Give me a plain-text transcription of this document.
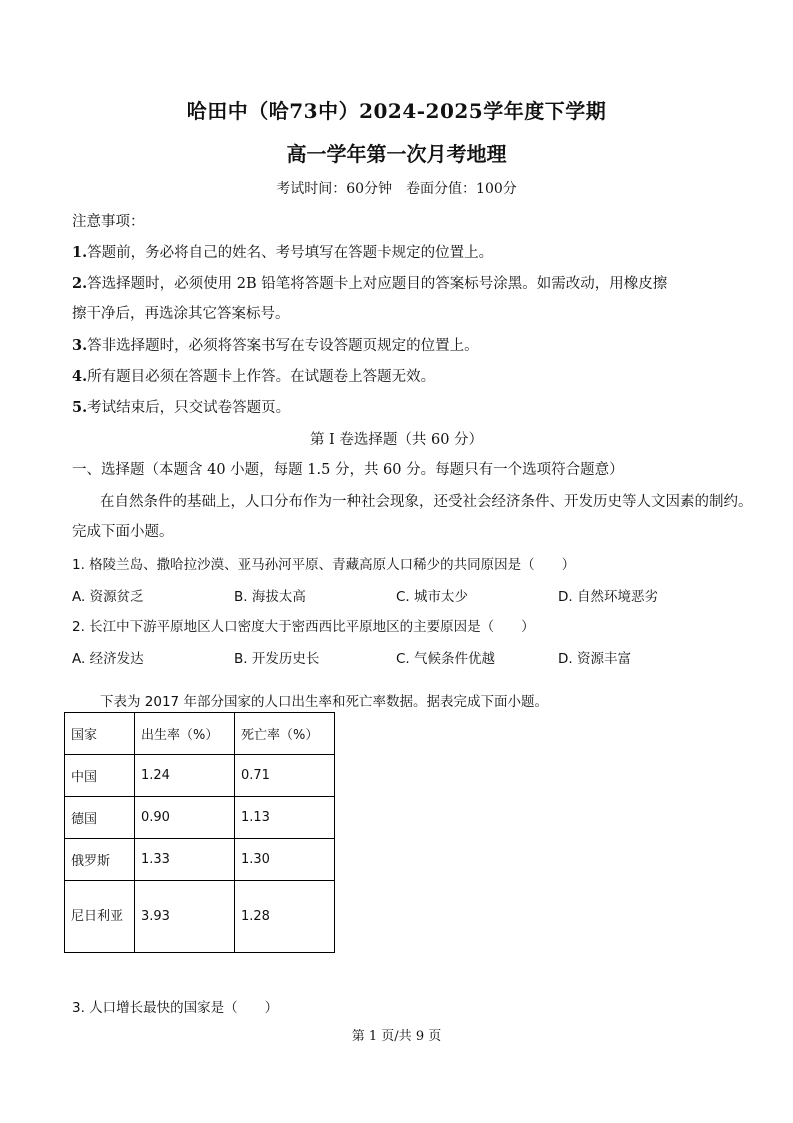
哈田中（哈73中）2024-2025学年度下学期
高一学年第一次月考地理
考试时间：60分钟　卷面分值：100分
注意事项：
1.答题前，务必将自己的姓名、考号填写在答题卡规定的位置上。
2.答选择题时，必须使用 2B 铅笔将答题卡上对应题目的答案标号涂黑。如需改动，用橡皮擦
擦干净后，再选涂其它答案标号。
3.答非选择题时，必须将答案书写在专设答题页规定的位置上。
4.所有题目必须在答题卡上作答。在试题卷上答题无效。
5.考试结束后，只交试卷答题页。
第 I 卷选择题（共 60 分）
一、选择题（本题含 40 小题，每题 1.5 分，共 60 分。每题只有一个选项符合题意）
在自然条件的基础上，人口分布作为一种社会现象，还受社会经济条件、开发历史等人文因素的制约。
完成下面小题。
1. 格陵兰岛、撒哈拉沙漠、亚马孙河平原、青藏高原人口稀少的共同原因是（　　）
A. 资源贫乏	B. 海拔太高	C. 城市太少	D. 自然环境恶劣
2. 长江中下游平原地区人口密度大于密西西比平原地区的主要原因是（　　）
A. 经济发达	B. 开发历史长	C. 气候条件优越	D. 资源丰富
下表为 2017 年部分国家的人口出生率和死亡率数据。据表完成下面小题。
国家	出生率（%）	死亡率（%）
中国	1.24	0.71
德国	0.90	1.13
俄罗斯	1.33	1.30
尼日利亚	3.93	1.28
3. 人口增长最快的国家是（　　）
第 1 页/共 9 页
